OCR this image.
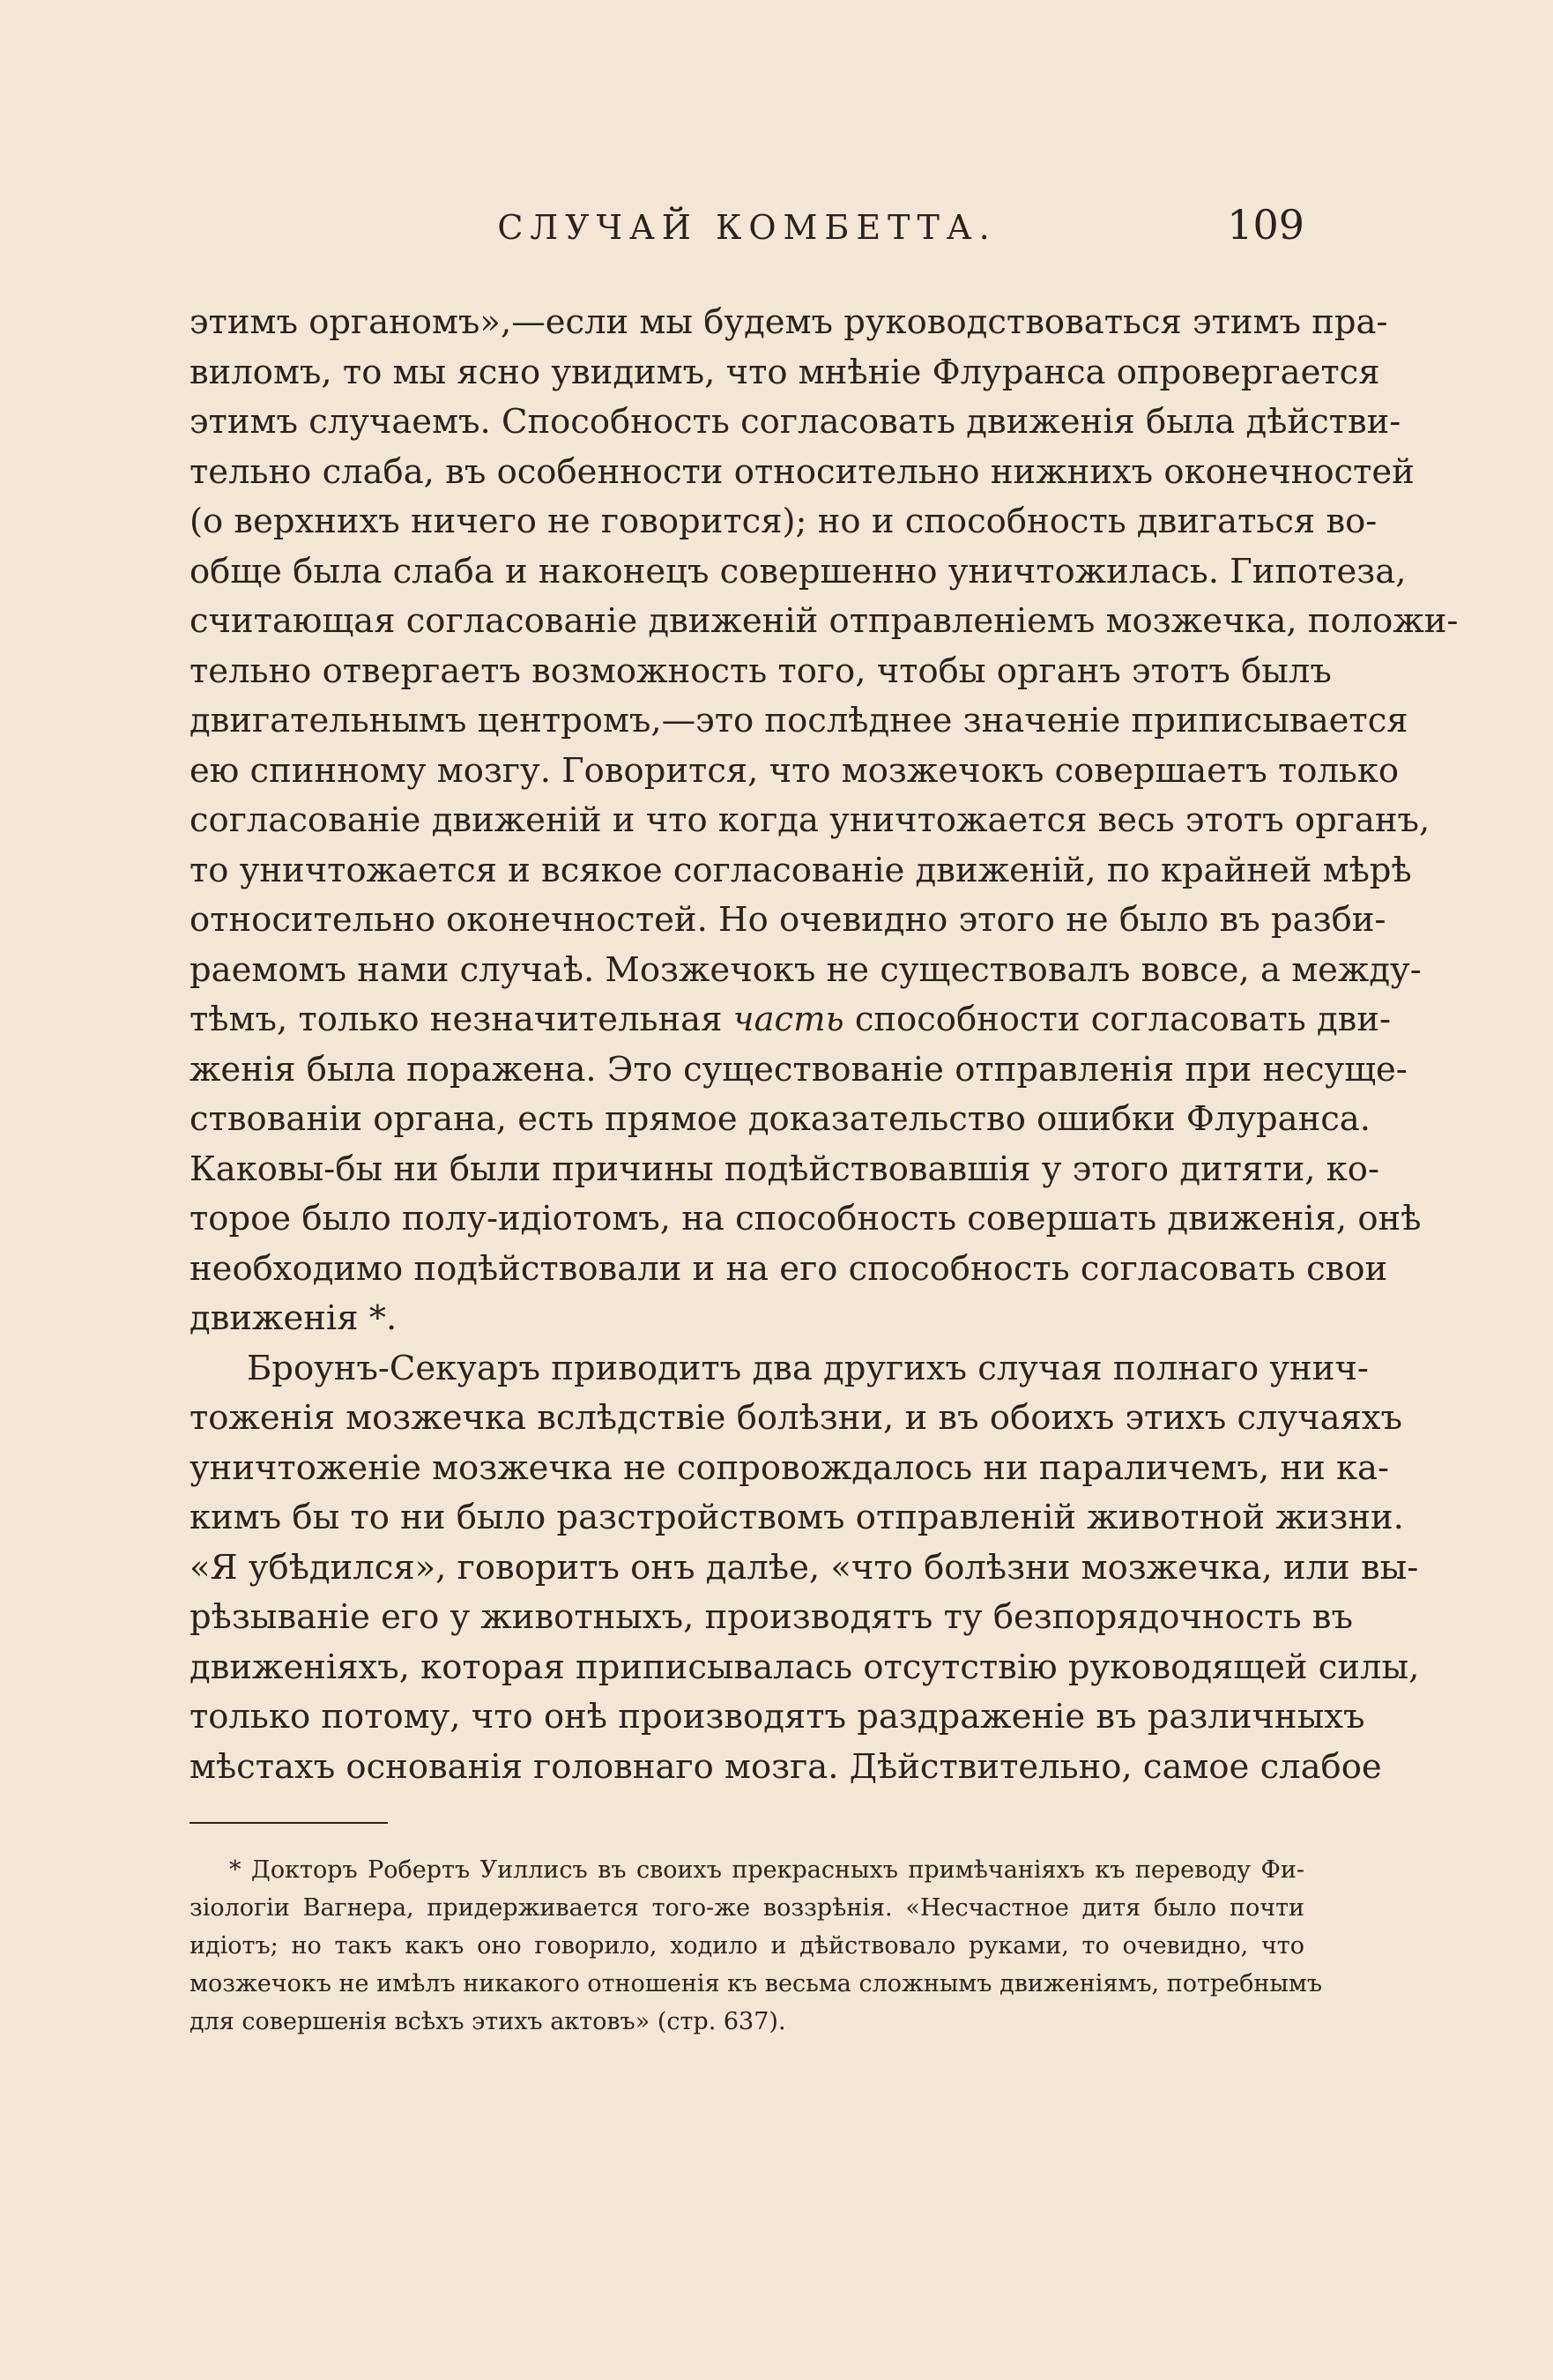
СЛУЧАЙ КОМБЕТТА.	109
этимъ органомъ»,—если мы будемъ руководствоваться этимъ пра-
виломъ, то мы ясно увидимъ, что мнѣніе Флуранса опровергается
этимъ случаемъ. Способность согласовать движенія была дѣйстви-
тельно слаба, въ особенности относительно нижнихъ оконечностей
(о верхнихъ ничего не говорится); но и способность двигаться во-
обще была слаба и наконецъ совершенно уничтожилась. Гипотеза,
считающая согласованіе движеній отправленіемъ мозжечка, положи-
тельно отвергаетъ возможность того, чтобы органъ этотъ былъ
двигательнымъ центромъ,—это послѣднее значеніе приписывается
ею спинному мозгу. Говорится, что мозжечокъ совершаетъ только
согласованіе движеній и что когда уничтожается весь этотъ органъ,
то уничтожается и всякое согласованіе движеній, по крайней мѣрѣ
относительно оконечностей. Но очевидно этого не было въ разби-
раемомъ нами случаѣ. Мозжечокъ не существовалъ вовсе, а между-
тѣмъ, только незначительная часть способности согласовать дви-
женія была поражена. Это существованіе отправленія при несуще-
ствованіи органа, есть прямое доказательство ошибки Флуранса.
Каковы-бы ни были причины подѣйствовавшія у этого дитяти, ко-
торое было полу-идіотомъ, на способность совершать движенія, онѣ
необходимо подѣйствовали и на его способность согласовать свои
движенія *.
Броунъ-Секуаръ приводитъ два другихъ случая полнаго унич-
тоженія мозжечка вслѣдствіе болѣзни, и въ обоихъ этихъ случаяхъ
уничтоженіе мозжечка не сопровождалось ни параличемъ, ни ка-
кимъ бы то ни было разстройствомъ отправленій животной жизни.
«Я убѣдился», говоритъ онъ далѣе, «что болѣзни мозжечка, или вы-
рѣзываніе его у животныхъ, производятъ ту безпорядочность въ
движеніяхъ, которая приписывалась отсутствію руководящей силы,
только потому, что онѣ производятъ раздраженіе въ различныхъ
мѣстахъ основанія головнаго мозга. Дѣйствительно, самое слабое
* Докторъ Робертъ Уиллисъ въ своихъ прекрасныхъ примѣчаніяхъ къ переводу Фи-
зіологіи Вагнера, придерживается того-же воззрѣнія. «Несчастное дитя было почти
идіотъ; но такъ какъ оно говорило, ходило и дѣйствовало руками, то очевидно, что
мозжечокъ не имѣлъ никакого отношенія къ весьма сложнымъ движеніямъ, потребнымъ
для совершенія всѣхъ этихъ актовъ» (стр. 637).
